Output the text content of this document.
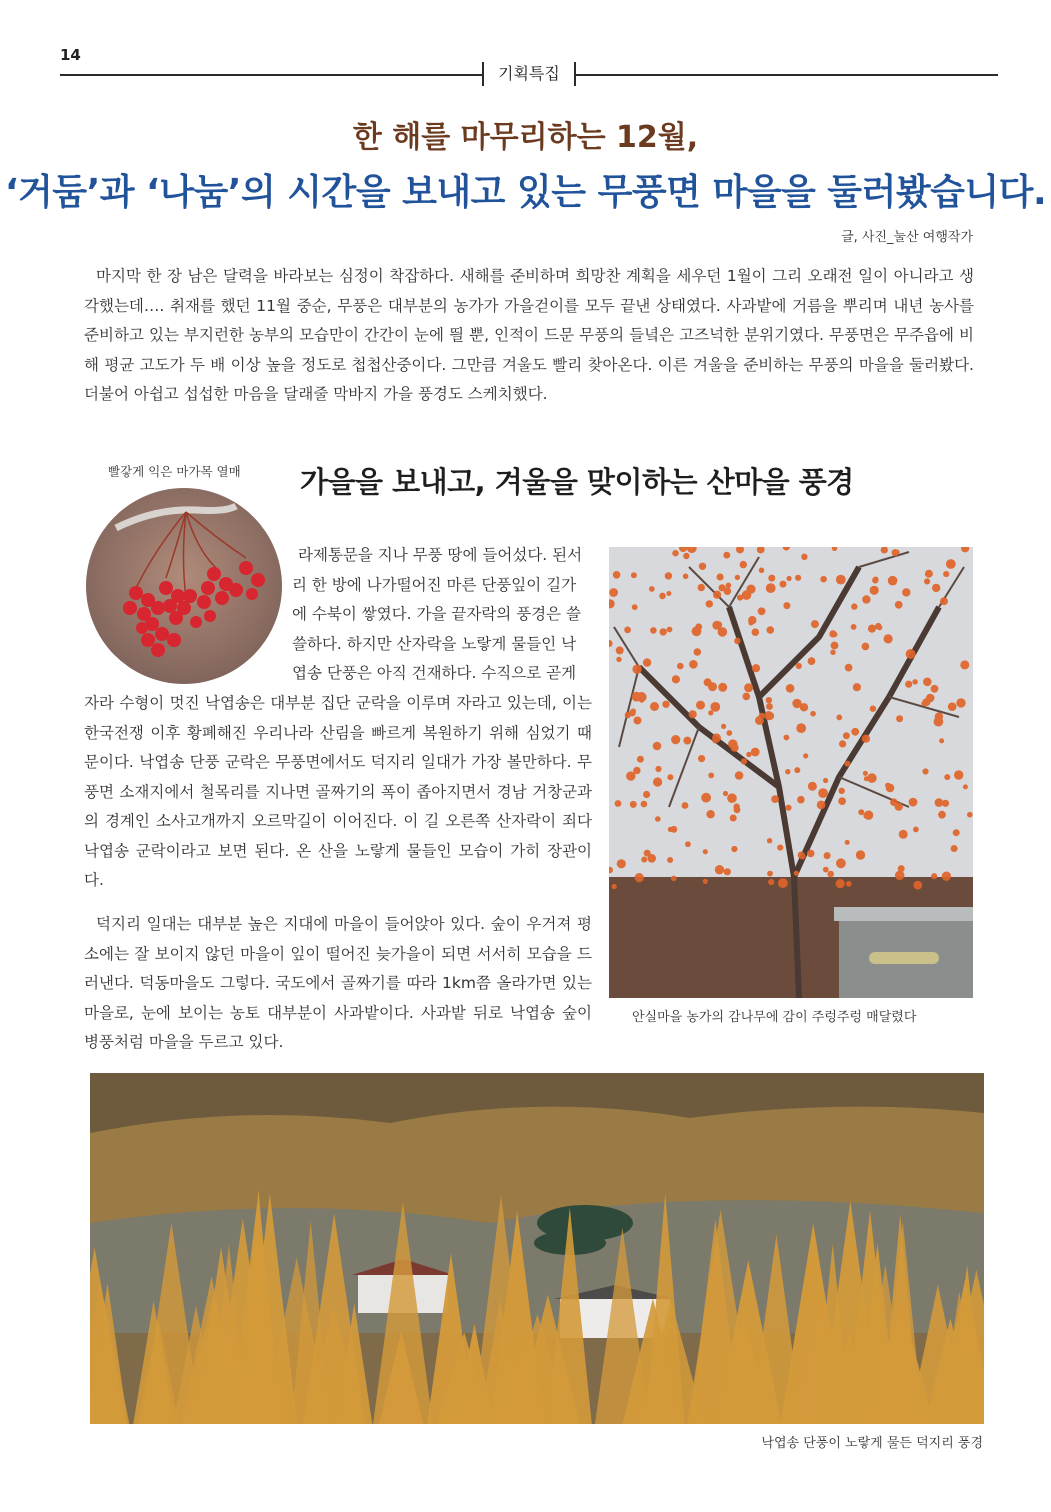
14
기획특집
한 해를 마무리하는 12월,
‘거둠’과 ‘나눔’의 시간을 보내고 있는 무풍면 마을을 둘러봤습니다.
글, 사진_눌산 여행작가

마지막 한 장 남은 달력을 바라보는 심정이 착잡하다. 새해를 준비하며 희망찬 계획을 세우던 1월이 그리 오래전 일이 아니라고 생각했는데…. 취재를 했던 11월 중순, 무풍은 대부분의 농가가 가을걷이를 모두 끝낸 상태였다. 사과밭에 거름을 뿌리며 내년 농사를 준비하고 있는 부지런한 농부의 모습만이 간간이 눈에 띌 뿐, 인적이 드문 무풍의 들녘은 고즈넉한 분위기였다. 무풍면은 무주읍에 비해 평균 고도가 두 배 이상 높을 정도로 첩첩산중이다. 그만큼 겨울도 빨리 찾아온다. 이른 겨울을 준비하는 무풍의 마을을 둘러봤다. 더불어 아쉽고 섭섭한 마음을 달래줄 막바지 가을 풍경도 스케치했다.

빨갛게 익은 마가목 열매 가을을 보내고, 겨울을 맞이하는 산마을 풍경
라제통문을 지나 무풍 땅에 들어섰다. 된서
리 한 방에 나가떨어진 마른 단풍잎이 길가
에 수북이 쌓였다. 가을 끝자락의 풍경은 쓸
쓸하다. 하지만 산자락을 노랗게 물들인 낙
엽송 단풍은 아직 건재하다. 수직으로 곧게

자라 수형이 멋진 낙엽송은 대부분 집단 군락을 이루며 자라고 있는데, 이는 한국전쟁 이후 황폐해진 우리나라 산림을 빠르게 복원하기 위해 심었기 때문이다. 낙엽송 단풍 군락은 무풍면에서도 덕지리 일대가 가장 볼만하다. 무풍면 소재지에서 철목리를 지나면 골짜기의 폭이 좁아지면서 경남 거창군과의 경계인 소사고개까지 오르막길이 이어진다. 이 길 오른쪽 산자락이 죄다 낙엽송 군락이라고 보면 된다. 온 산을 노랗게 물들인 모습이 가히 장관이다.

덕지리 일대는 대부분 높은 지대에 마을이 들어앉아 있다. 숲이 우거져 평소에는 잘 보이지 않던 마을이 잎이 떨어진 늦가을이 되면 서서히 모습을 드러낸다. 덕동마을도 그렇다. 국도에서 골짜기를 따라 1km쯤 올라가면 있는 마을로, 눈에 보이는 농토 대부분이 사과밭이다. 사과밭 뒤로 낙엽송 숲이 병풍처럼 마을을 두르고 있다.

안실마을 농가의 감나무에 감이 주렁주렁 매달렸다
낙엽송 단풍이 노랗게 물든 덕지리 풍경
